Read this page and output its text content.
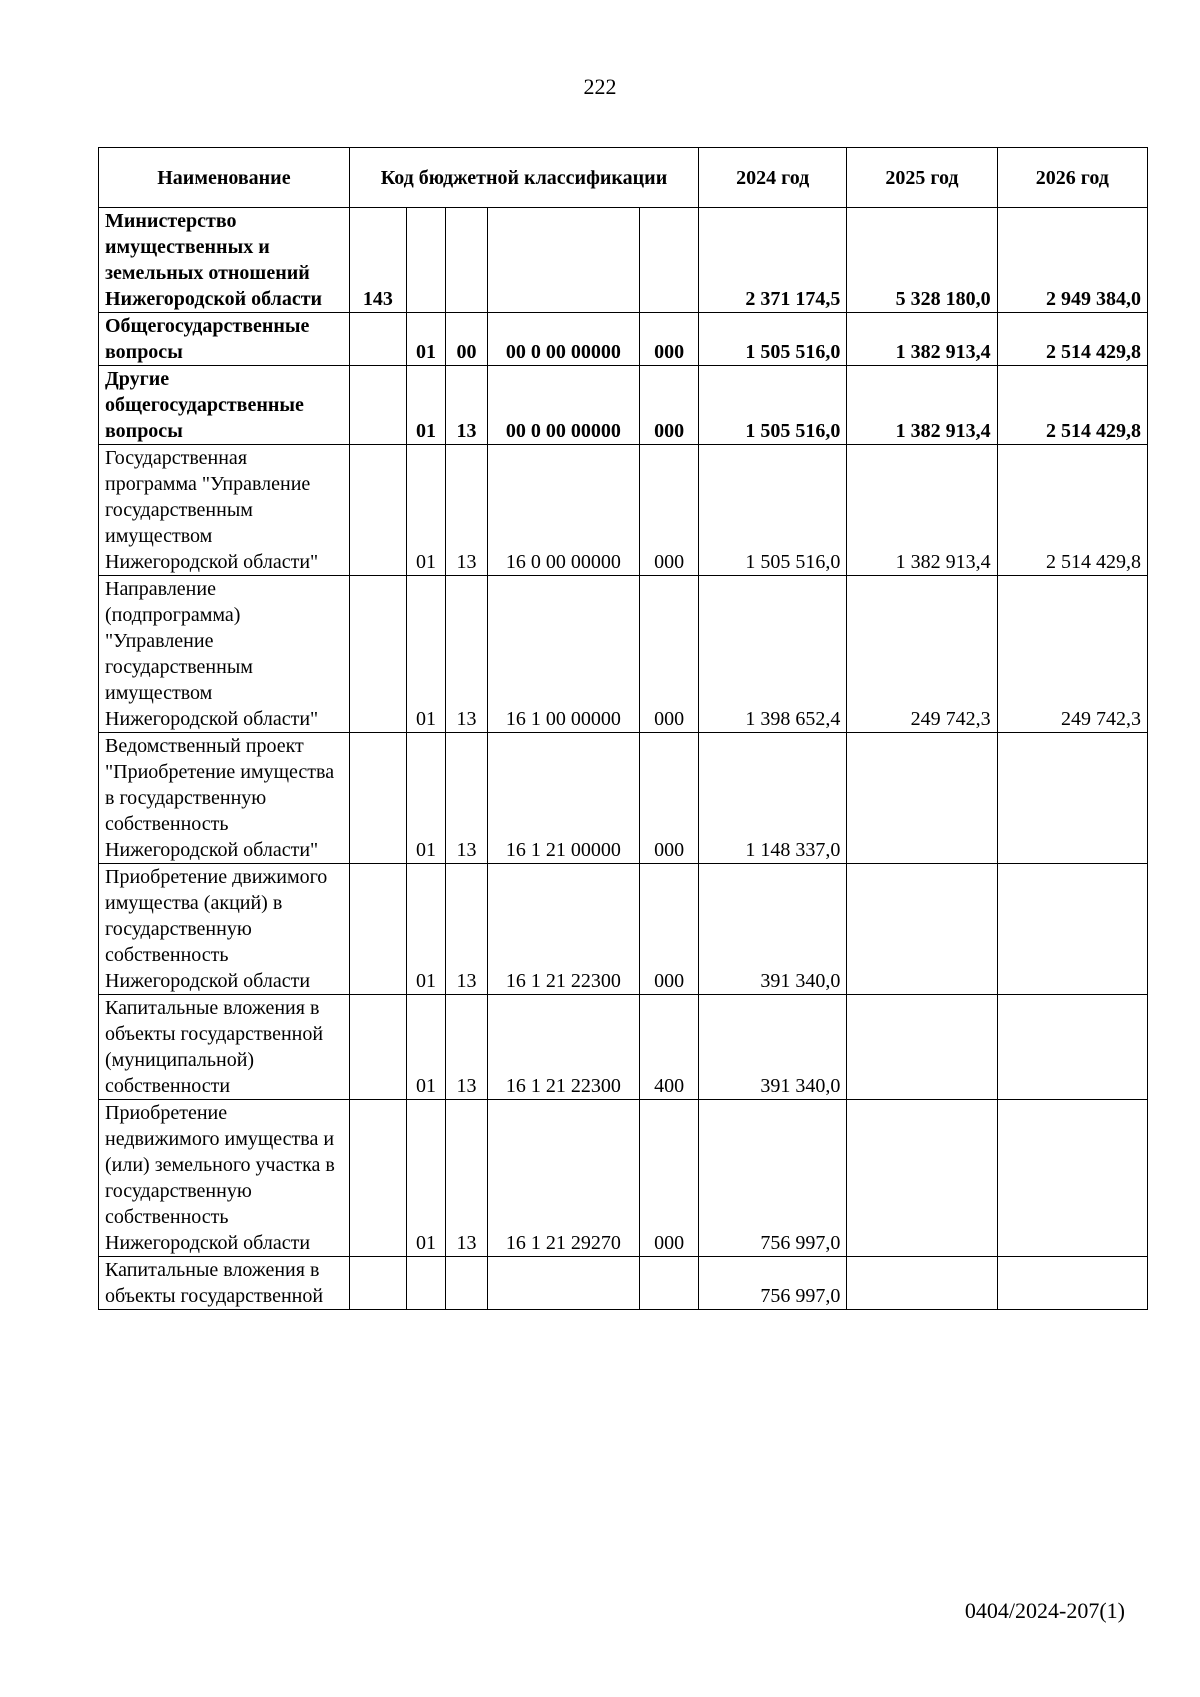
222
Наименование	Код бюджетной классификации					2024 год	2025 год	2026 год
Министерство имущественных и земельных отношений Нижегородской области	143					2 371 174,5	5 328 180,0	2 949 384,0
Общегосударственные вопросы		01	00	00 0 00 00000	000	1 505 516,0	1 382 913,4	2 514 429,8
Другие общегосударственные вопросы		01	13	00 0 00 00000	000	1 505 516,0	1 382 913,4	2 514 429,8
Государственная программа "Управление государственным имуществом Нижегородской области"		01	13	16 0 00 00000	000	1 505 516,0	1 382 913,4	2 514 429,8
Направление (подпрограмма) "Управление государственным имуществом Нижегородской области"		01	13	16 1 00 00000	000	1 398 652,4	249 742,3	249 742,3
Ведомственный проект "Приобретение имущества в государственную собственность Нижегородской области"		01	13	16 1 21 00000	000	1 148 337,0		
Приобретение движимого имущества (акций) в государственную собственность Нижегородской области		01	13	16 1 21 22300	000	391 340,0		
Капитальные вложения в объекты государственной (муниципальной) собственности		01	13	16 1 21 22300	400	391 340,0		
Приобретение недвижимого имущества и (или) земельного участка в государственную собственность Нижегородской области		01	13	16 1 21 29270	000	756 997,0		
Капитальные вложения в объекты государственной						756 997,0		
0404/2024-207(1)
